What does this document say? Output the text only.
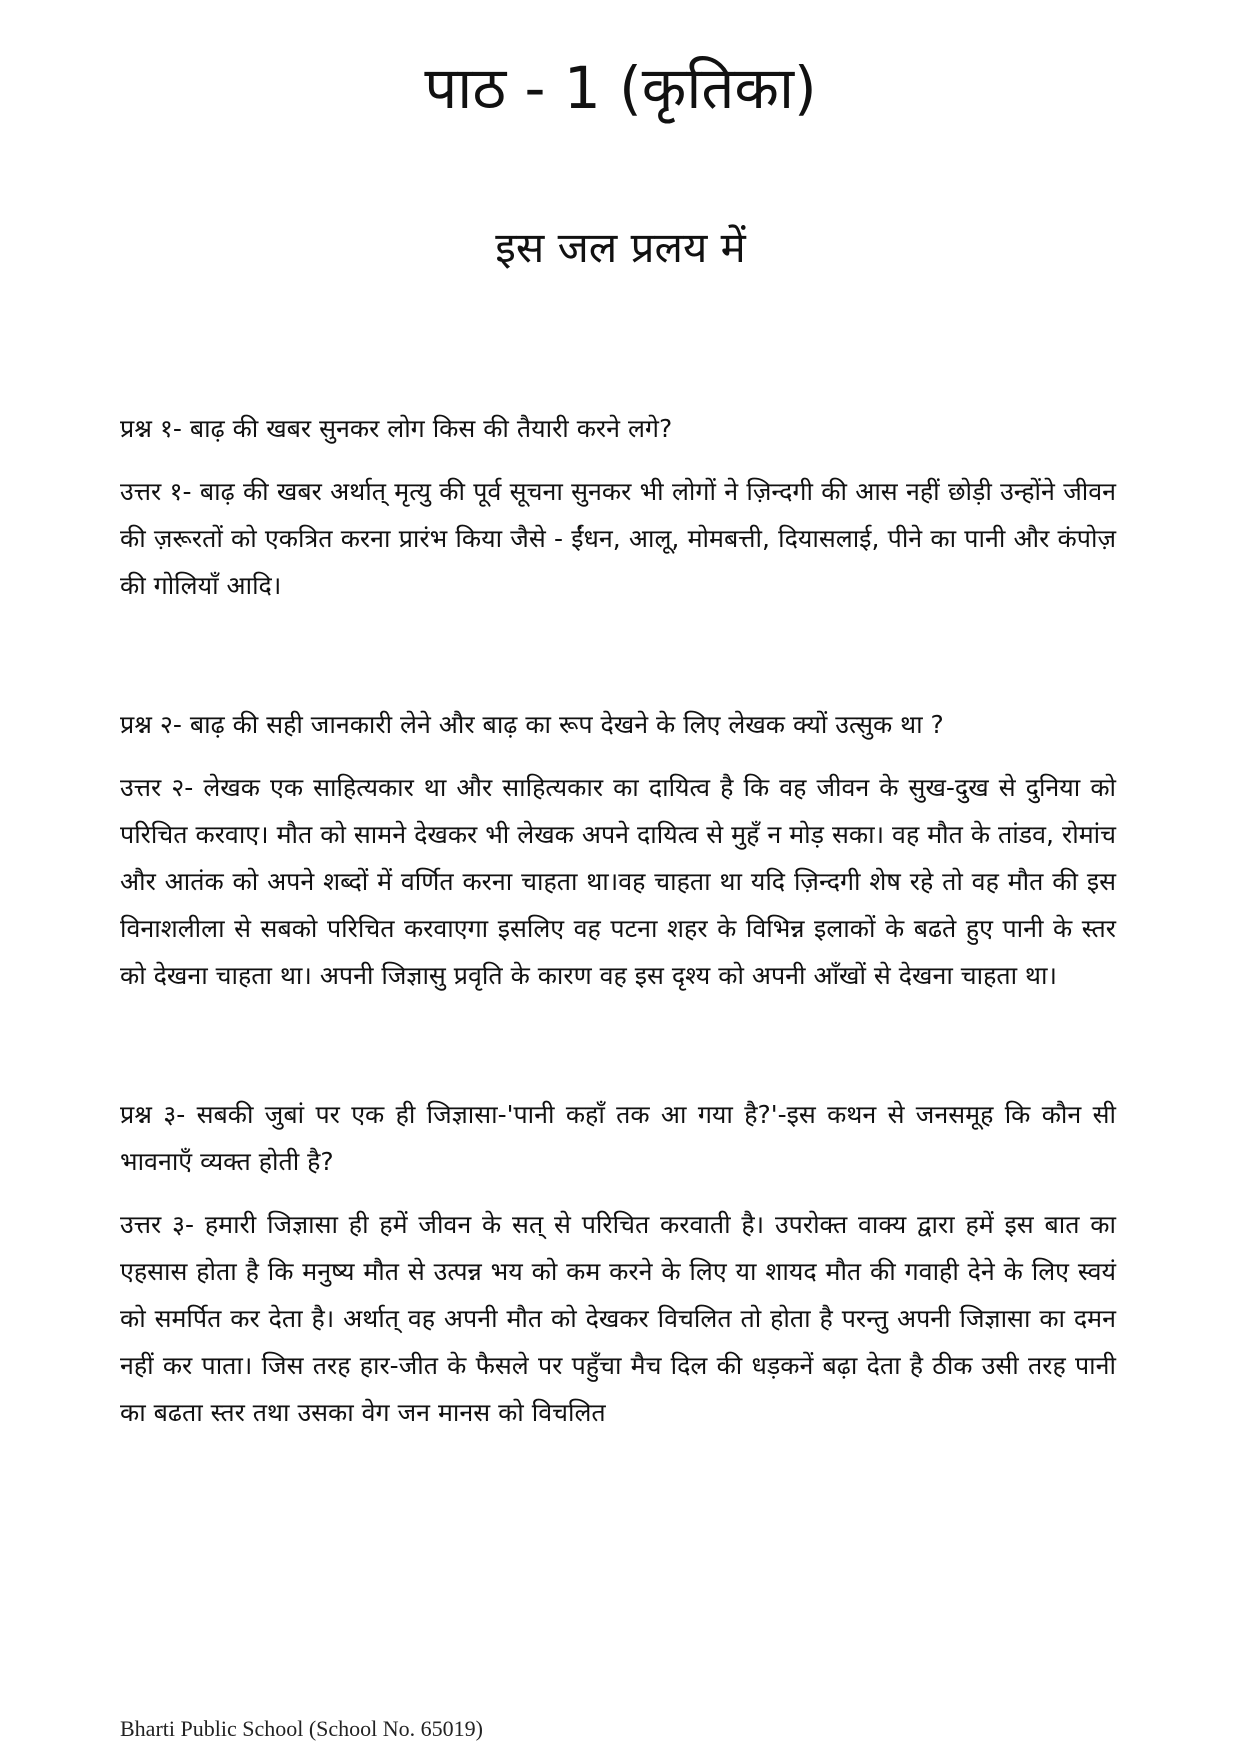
पाठ - 1 (कृतिका)
इस जल प्रलय में

प्रश्न १- बाढ़ की खबर सुनकर लोग किस की तैयारी करने लगे?

उत्तर १- बाढ़ की खबर अर्थात् मृत्यु की पूर्व सूचना सुनकर भी लोगों ने ज़िन्दगी की आस नहीं छोड़ी उन्होंने जीवन की ज़रूरतों को एकत्रित करना प्रारंभ किया जैसे - ईंधन, आलू, मोमबत्ती, दियासलाई, पीने का पानी और कंपोज़ की गोलियाँ आदि।

प्रश्न २- बाढ़ की सही जानकारी लेने और बाढ़ का रूप देखने के लिए लेखक क्यों उत्सुक था ?

उत्तर २- लेखक एक साहित्यकार था और साहित्यकार का दायित्व है कि वह जीवन के सुख-दुख से दुनिया को परिचित करवाए। मौत को सामने देखकर भी लेखक अपने दायित्व से मुहँ न मोड़ सका। वह मौत के तांडव, रोमांच और आतंक को अपने शब्दों में वर्णित करना चाहता था।वह चाहता था यदि ज़िन्दगी शेष रहे तो वह मौत की इस विनाशलीला से सबको परिचित करवाएगा इसलिए वह पटना शहर के विभिन्न इलाकों के बढते हुए पानी के स्तर को देखना चाहता था। अपनी जिज्ञासु प्रवृति के कारण वह इस दृश्य को अपनी आँखों से देखना चाहता था।

प्रश्न ३- सबकी जुबां पर एक ही जिज्ञासा-'पानी कहाँ तक आ गया है?'-इस कथन से जनसमूह कि कौन सी भावनाएँ व्यक्त होती है?

उत्तर ३- हमारी जिज्ञासा ही हमें जीवन के सत् से परिचित करवाती है। उपरोक्त वाक्य द्वारा हमें इस बात का एहसास होता है कि मनुष्य मौत से उत्पन्न भय को कम करने के लिए या शायद मौत की गवाही देने के लिए स्वयं को समर्पित कर देता है। अर्थात् वह अपनी मौत को देखकर विचलित तो होता है परन्तु अपनी जिज्ञासा का दमन नहीं कर पाता। जिस तरह हार-जीत के फैसले पर पहुँचा मैच दिल की धड़कनें बढ़ा देता है ठीक उसी तरह पानी का बढता स्तर तथा उसका वेग जन मानस को विचलित

Bharti Public School (School No. 65019)
